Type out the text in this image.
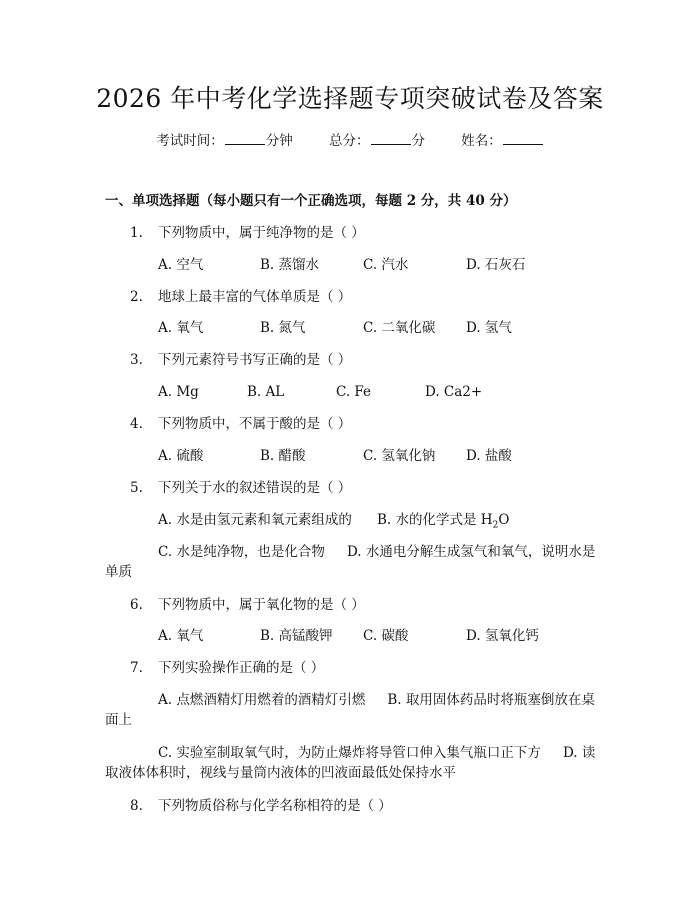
2026 年中考化学选择题专项突破试卷及答案
考试时间：	分钟	总分：	分	姓名：
一、单项选择题（每小题只有一个正确选项，每题 2 分，共 40 分）
1. 下列物质中，属于纯净物的是（ ）
A. 空气	B. 蒸馏水	C. 汽水	D. 石灰石
2. 地球上最丰富的气体单质是（ ）
A. 氧气	B. 氮气	C. 二氧化碳 D. 氢气
3. 下列元素符号书写正确的是（ ）
A. Mg	B. AL	C. Fe	D. Ca2+
4. 下列物质中，不属于酸的是（ ）
A. 硫酸	B. 醋酸	C. 氢氧化钠 D. 盐酸
5. 下列关于水的叙述错误的是（ ）
A. 水是由氢元素和氧元素组成的 B. 水的化学式是 $H_2O$
C. 水是纯净物，也是化合物 D. 水通电分解生成氢气和氧气，说明水是单质
6. 下列物质中，属于氧化物的是（ ）
A. 氧气	B. 高锰酸钾 C. 碳酸	D. 氢氧化钙
7. 下列实验操作正确的是（ ）
A. 点燃酒精灯用燃着的酒精灯引燃 B. 取用固体药品时将瓶塞倒放在桌面上
C. 实验室制取氧气时，为防止爆炸将导管口伸入集气瓶口正下方 D. 读取液体体积时，视线与量筒内液体的凹液面最低处保持水平
8. 下列物质俗称与化学名称相符的是（ ）
